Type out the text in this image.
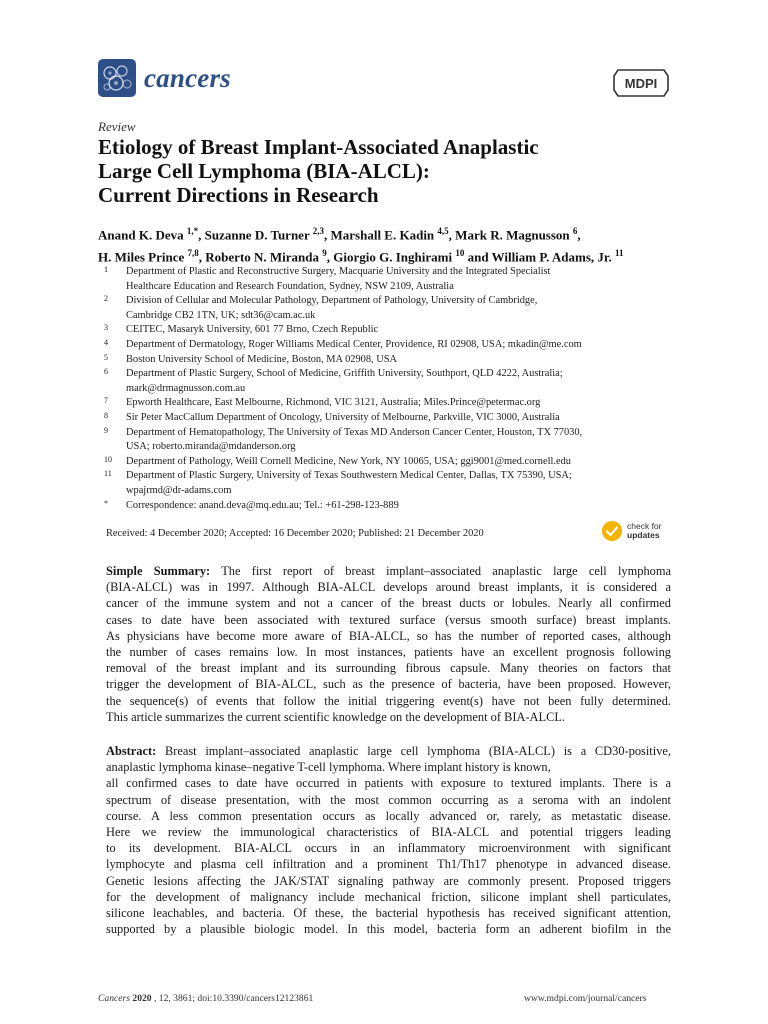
cancers	MDPI
Review
Etiology of Breast Implant-Associated Anaplastic
Large Cell Lymphoma (BIA-ALCL):
Current Directions in Research
Anand K. Deva $^{1,*}$, Suzanne D. Turner $^{2,3}$, Marshall E. Kadin $^{4,5}$, Mark R. Magnusson $^6$,
H. Miles Prince $^{7,8}$, Roberto N. Miranda $^9$, Giorgio G. Inghirami $^{10}$ and William P. Adams, Jr. $^{11}$
1 Department of Plastic and Reconstructive Surgery, Macquarie University and the Integrated Specialist
Healthcare Education and Research Foundation, Sydney, NSW 2109, Australia
2 Division of Cellular and Molecular Pathology, Department of Pathology, University of Cambridge,
Cambridge CB2 1TN, UK; sdt36@cam.ac.uk
3 CEITEC, Masaryk University, 601 77 Brno, Czech Republic
4 Department of Dermatology, Roger Williams Medical Center, Providence, RI 02908, USA; mkadin@me.com
5 Boston University School of Medicine, Boston, MA 02908, USA
6 Department of Plastic Surgery, School of Medicine, Griffith University, Southport, QLD 4222, Australia;
mark@drmagnusson.com.au
7 Epworth Healthcare, East Melbourne, Richmond, VIC 3121, Australia; Miles.Prince@petermac.org
8 Sir Peter MacCallum Department of Oncology, University of Melbourne, Parkville, VIC 3000, Australia
9 Department of Hematopathology, The University of Texas MD Anderson Cancer Center, Houston, TX 77030,
USA; roberto.miranda@mdanderson.org
10 Department of Pathology, Weill Cornell Medicine, New York, NY 10065, USA; ggi9001@med.cornell.edu
11 Department of Plastic Surgery, University of Texas Southwestern Medical Center, Dallas, TX 75390, USA;
wpajrmd@dr-adams.com
* Correspondence: anand.deva@mq.edu.au; Tel.: +61-298-123-889
Received: 4 December 2020; Accepted: 16 December 2020; Published: 21 December 2020
check for
updates
Simple Summary: The first report of breast implant–associated anaplastic large cell lymphoma
(BIA-ALCL) was in 1997. Although BIA-ALCL develops around breast implants, it is considered a
cancer of the immune system and not a cancer of the breast ducts or lobules. Nearly all confirmed
cases to date have been associated with textured surface (versus smooth surface) breast implants.
As physicians have become more aware of BIA-ALCL, so has the number of reported cases, although
the number of cases remains low. In most instances, patients have an excellent prognosis following
removal of the breast implant and its surrounding fibrous capsule. Many theories on factors that
trigger the development of BIA-ALCL, such as the presence of bacteria, have been proposed. However,
the sequence(s) of events that follow the initial triggering event(s) have not been fully determined.
This article summarizes the current scientific knowledge on the development of BIA-ALCL.
Abstract: Breast implant–associated anaplastic large cell lymphoma (BIA-ALCL) is a CD30-positive,
anaplastic lymphoma kinase–negative T-cell lymphoma. Where implant history is known,
all confirmed cases to date have occurred in patients with exposure to textured implants. There is a
spectrum of disease presentation, with the most common occurring as a seroma with an indolent
course. A less common presentation occurs as locally advanced or, rarely, as metastatic disease.
Here we review the immunological characteristics of BIA-ALCL and potential triggers leading
to its development. BIA-ALCL occurs in an inflammatory microenvironment with significant
lymphocyte and plasma cell infiltration and a prominent Th1/Th17 phenotype in advanced disease.
Genetic lesions affecting the JAK/STAT signaling pathway are commonly present. Proposed triggers
for the development of malignancy include mechanical friction, silicone implant shell particulates,
silicone leachables, and bacteria. Of these, the bacterial hypothesis has received significant attention,
supported by a plausible biologic model. In this model, bacteria form an adherent biofilm in the
Cancers 2020 , 12, 3861; doi:10.3390/cancers12123861	www.mdpi.com/journal/cancers
